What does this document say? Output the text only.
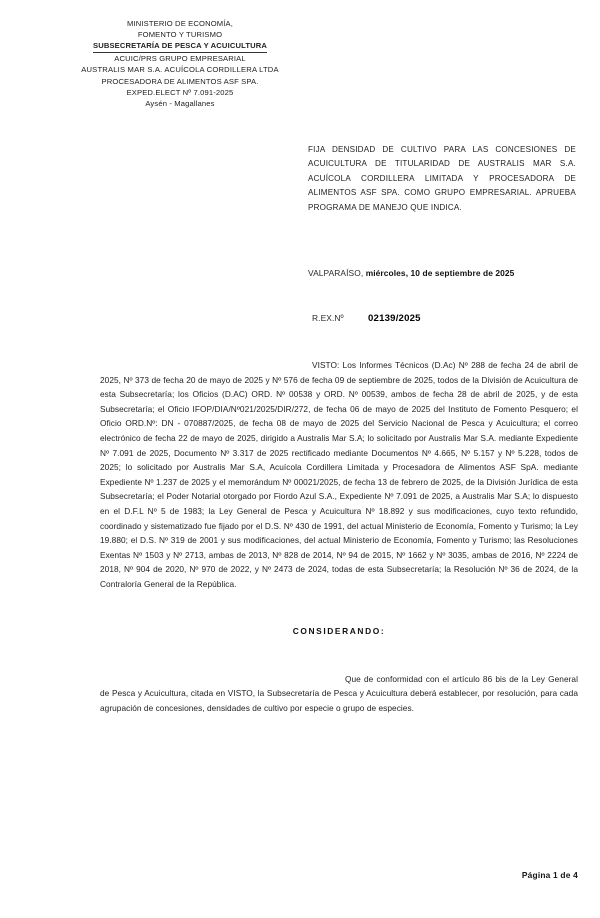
MINISTERIO DE ECONOMÍA,
FOMENTO Y TURISMO
SUBSECRETARÍA DE PESCA Y ACUICULTURA
ACUIC/PRS GRUPO EMPRESARIAL
AUSTRALIS MAR S.A. ACUÍCOLA CORDILLERA LTDA
PROCESADORA DE ALIMENTOS ASF SPA.
EXPED.ELECT Nº 7.091-2025
Aysén - Magallanes
FIJA DENSIDAD DE CULTIVO PARA LAS CONCESIONES DE ACUICULTURA DE TITULARIDAD DE AUSTRALIS MAR S.A. ACUÍCOLA CORDILLERA LIMITADA Y PROCESADORA DE ALIMENTOS ASF SPA. COMO GRUPO EMPRESARIAL. APRUEBA PROGRAMA DE MANEJO QUE INDICA.
VALPARAÍSO, miércoles, 10 de septiembre de 2025
R.EX.Nº	02139/2025

VISTO: Los Informes Técnicos (D.Ac) Nº 288 de fecha 24 de abril de 2025, Nº 373 de fecha 20 de mayo de 2025 y Nº 576 de fecha 09 de septiembre de 2025, todos de la División de Acuicultura de esta Subsecretaría; los Oficios (D.AC) ORD. Nº 00538 y ORD. Nº 00539, ambos de fecha 28 de abril de 2025, y de esta Subsecretaría; el Oficio IFOP/DIA/Nº021/2025/DIR/272, de fecha 06 de mayo de 2025 del Instituto de Fomento Pesquero; el Oficio ORD.Nº: DN - 070887/2025, de fecha 08 de mayo de 2025 del Servicio Nacional de Pesca y Acuicultura; el correo electrónico de fecha 22 de mayo de 2025, dirigido a Australis Mar S.A; lo solicitado por Australis Mar S.A. mediante Expediente Nº 7.091 de 2025, Documento Nº 3.317 de 2025 rectificado mediante Documentos Nº 4.665, Nº 5.157 y Nº 5.228, todos de 2025; lo solicitado por Australis Mar S.A, Acuícola Cordillera Limitada y Procesadora de Alimentos ASF SpA. mediante Expediente Nº 1.237 de 2025 y el memorándum Nº 00021/2025, de fecha 13 de febrero de 2025, de la División Jurídica de esta Subsecretaría; el Poder Notarial otorgado por Fiordo Azul S.A., Expediente Nº 7.091 de 2025, a Australis Mar S.A; lo dispuesto en el D.F.L Nº 5 de 1983; la Ley General de Pesca y Acuicultura Nº 18.892 y sus modificaciones, cuyo texto refundido, coordinado y sistematizado fue fijado por el D.S. Nº 430 de 1991, del actual Ministerio de Economía, Fomento y Turismo; la Ley 19.880; el D.S. Nº 319 de 2001 y sus modificaciones, del actual Ministerio de Economía, Fomento y Turismo; las Resoluciones Exentas Nº 1503 y Nº 2713, ambas de 2013, Nº 828 de 2014, Nº 94 de 2015, Nº 1662 y Nº 3035, ambas de 2016, Nº 2224 de 2018, Nº 904 de 2020, Nº 970 de 2022, y Nº 2473 de 2024, todas de esta Subsecretaría; la Resolución Nº 36 de 2024, de la Contraloría General de la República.

CONSIDERANDO:

Que de conformidad con el artículo 86 bis de la Ley General de Pesca y Acuicultura, citada en VISTO, la Subsecretaría de Pesca y Acuicultura deberá establecer, por resolución, para cada agrupación de concesiones, densidades de cultivo por especie o grupo de especies.

Página 1 de 4
